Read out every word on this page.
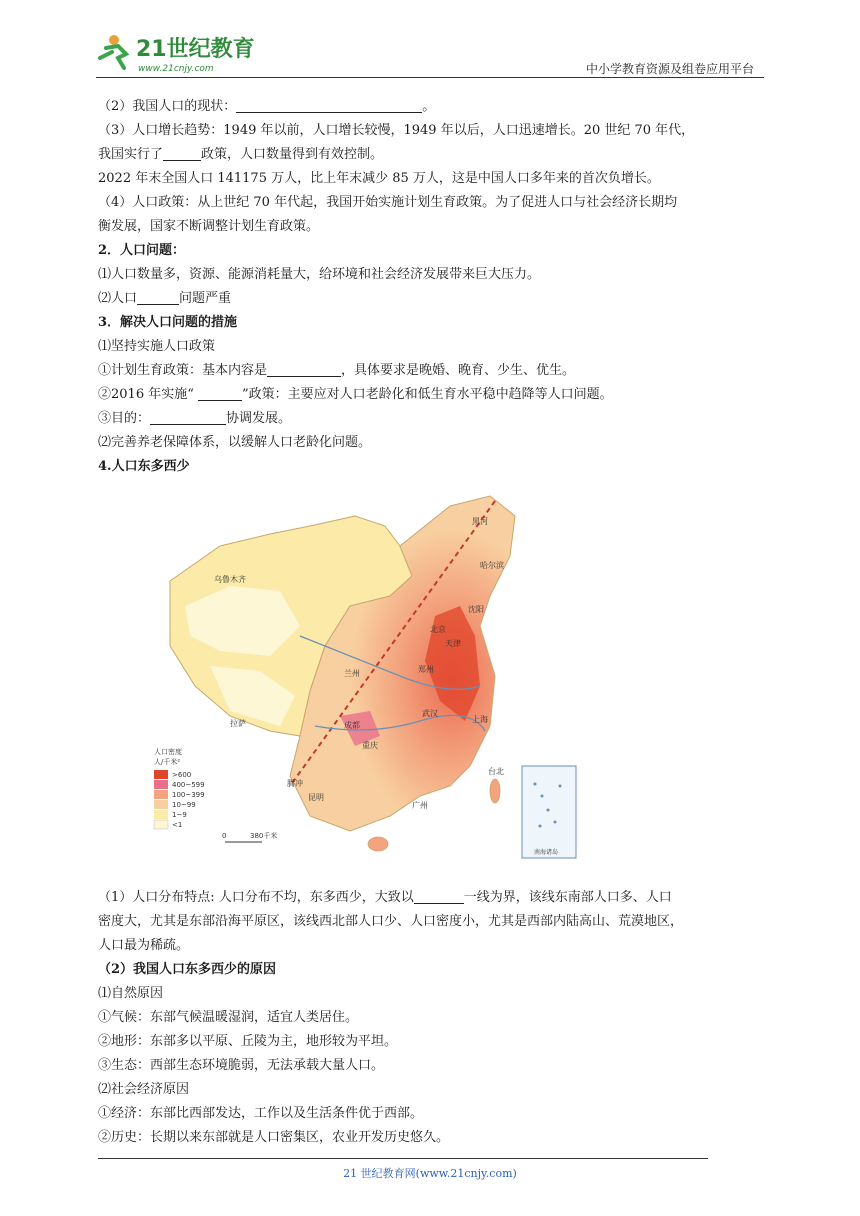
21世纪教育
www.21cnjy.com	中小学教育资源及组卷应用平台
（2）我国人口的现状：	。
（3）人口增长趋势：1949 年以前，人口增长较慢，1949 年以后，人口迅速增长。20 世纪 70 年代，
我国实行了	政策，人口数量得到有效控制。
2022 年末全国人口 141175 万人，比上年末减少 85 万人，这是中国人口多年来的首次负增长。
（4）人口政策：从上世纪 70 年代起，我国开始实施计划生育政策。为了促进人口与社会经济长期均
衡发展，国家不断调整计划生育政策。
2．人口问题：
⑴人口数量多，资源、能源消耗量大，给环境和社会经济发展带来巨大压力。
⑵人口	问题严重
3．解决人口问题的措施
⑴坚持实施人口政策
①计划生育政策：基本内容是	，具体要求是晚婚、晚育、少生、优生。
②2016 年实施“	”政策：主要应对人口老龄化和低生育水平稳中趋降等人口问题。
③目的：	协调发展。
⑵完善养老保障体系，以缓解人口老龄化问题。
4.人口东多西少
黑河
哈尔滨
沈阳
乌鲁木齐
北京
天津
兰州	郑州
拉萨	成都
武汉
上海
重庆
台北
广州
昆明
腾冲
人口密度
人/千米²
>600
400~599
100~399
10~99
1~9
<1
0	380千米
南海诸岛
（1）人口分布特点: 人口分布不均，东多西少，大致以	一线为界，该线东南部人口多、人口
密度大，尤其是东部沿海平原区，该线西北部人口少、人口密度小，尤其是西部内陆高山、荒漠地区，
人口最为稀疏。
（2）我国人口东多西少的原因
⑴自然原因
①气候：东部气候温暖湿润，适宜人类居住。
②地形：东部多以平原、丘陵为主，地形较为平坦。
③生态：西部生态环境脆弱，无法承载大量人口。
⑵社会经济原因
①经济：东部比西部发达，工作以及生活条件优于西部。
②历史：长期以来东部就是人口密集区，农业开发历史悠久。
21 世纪教育网(www.21cnjy.com)
